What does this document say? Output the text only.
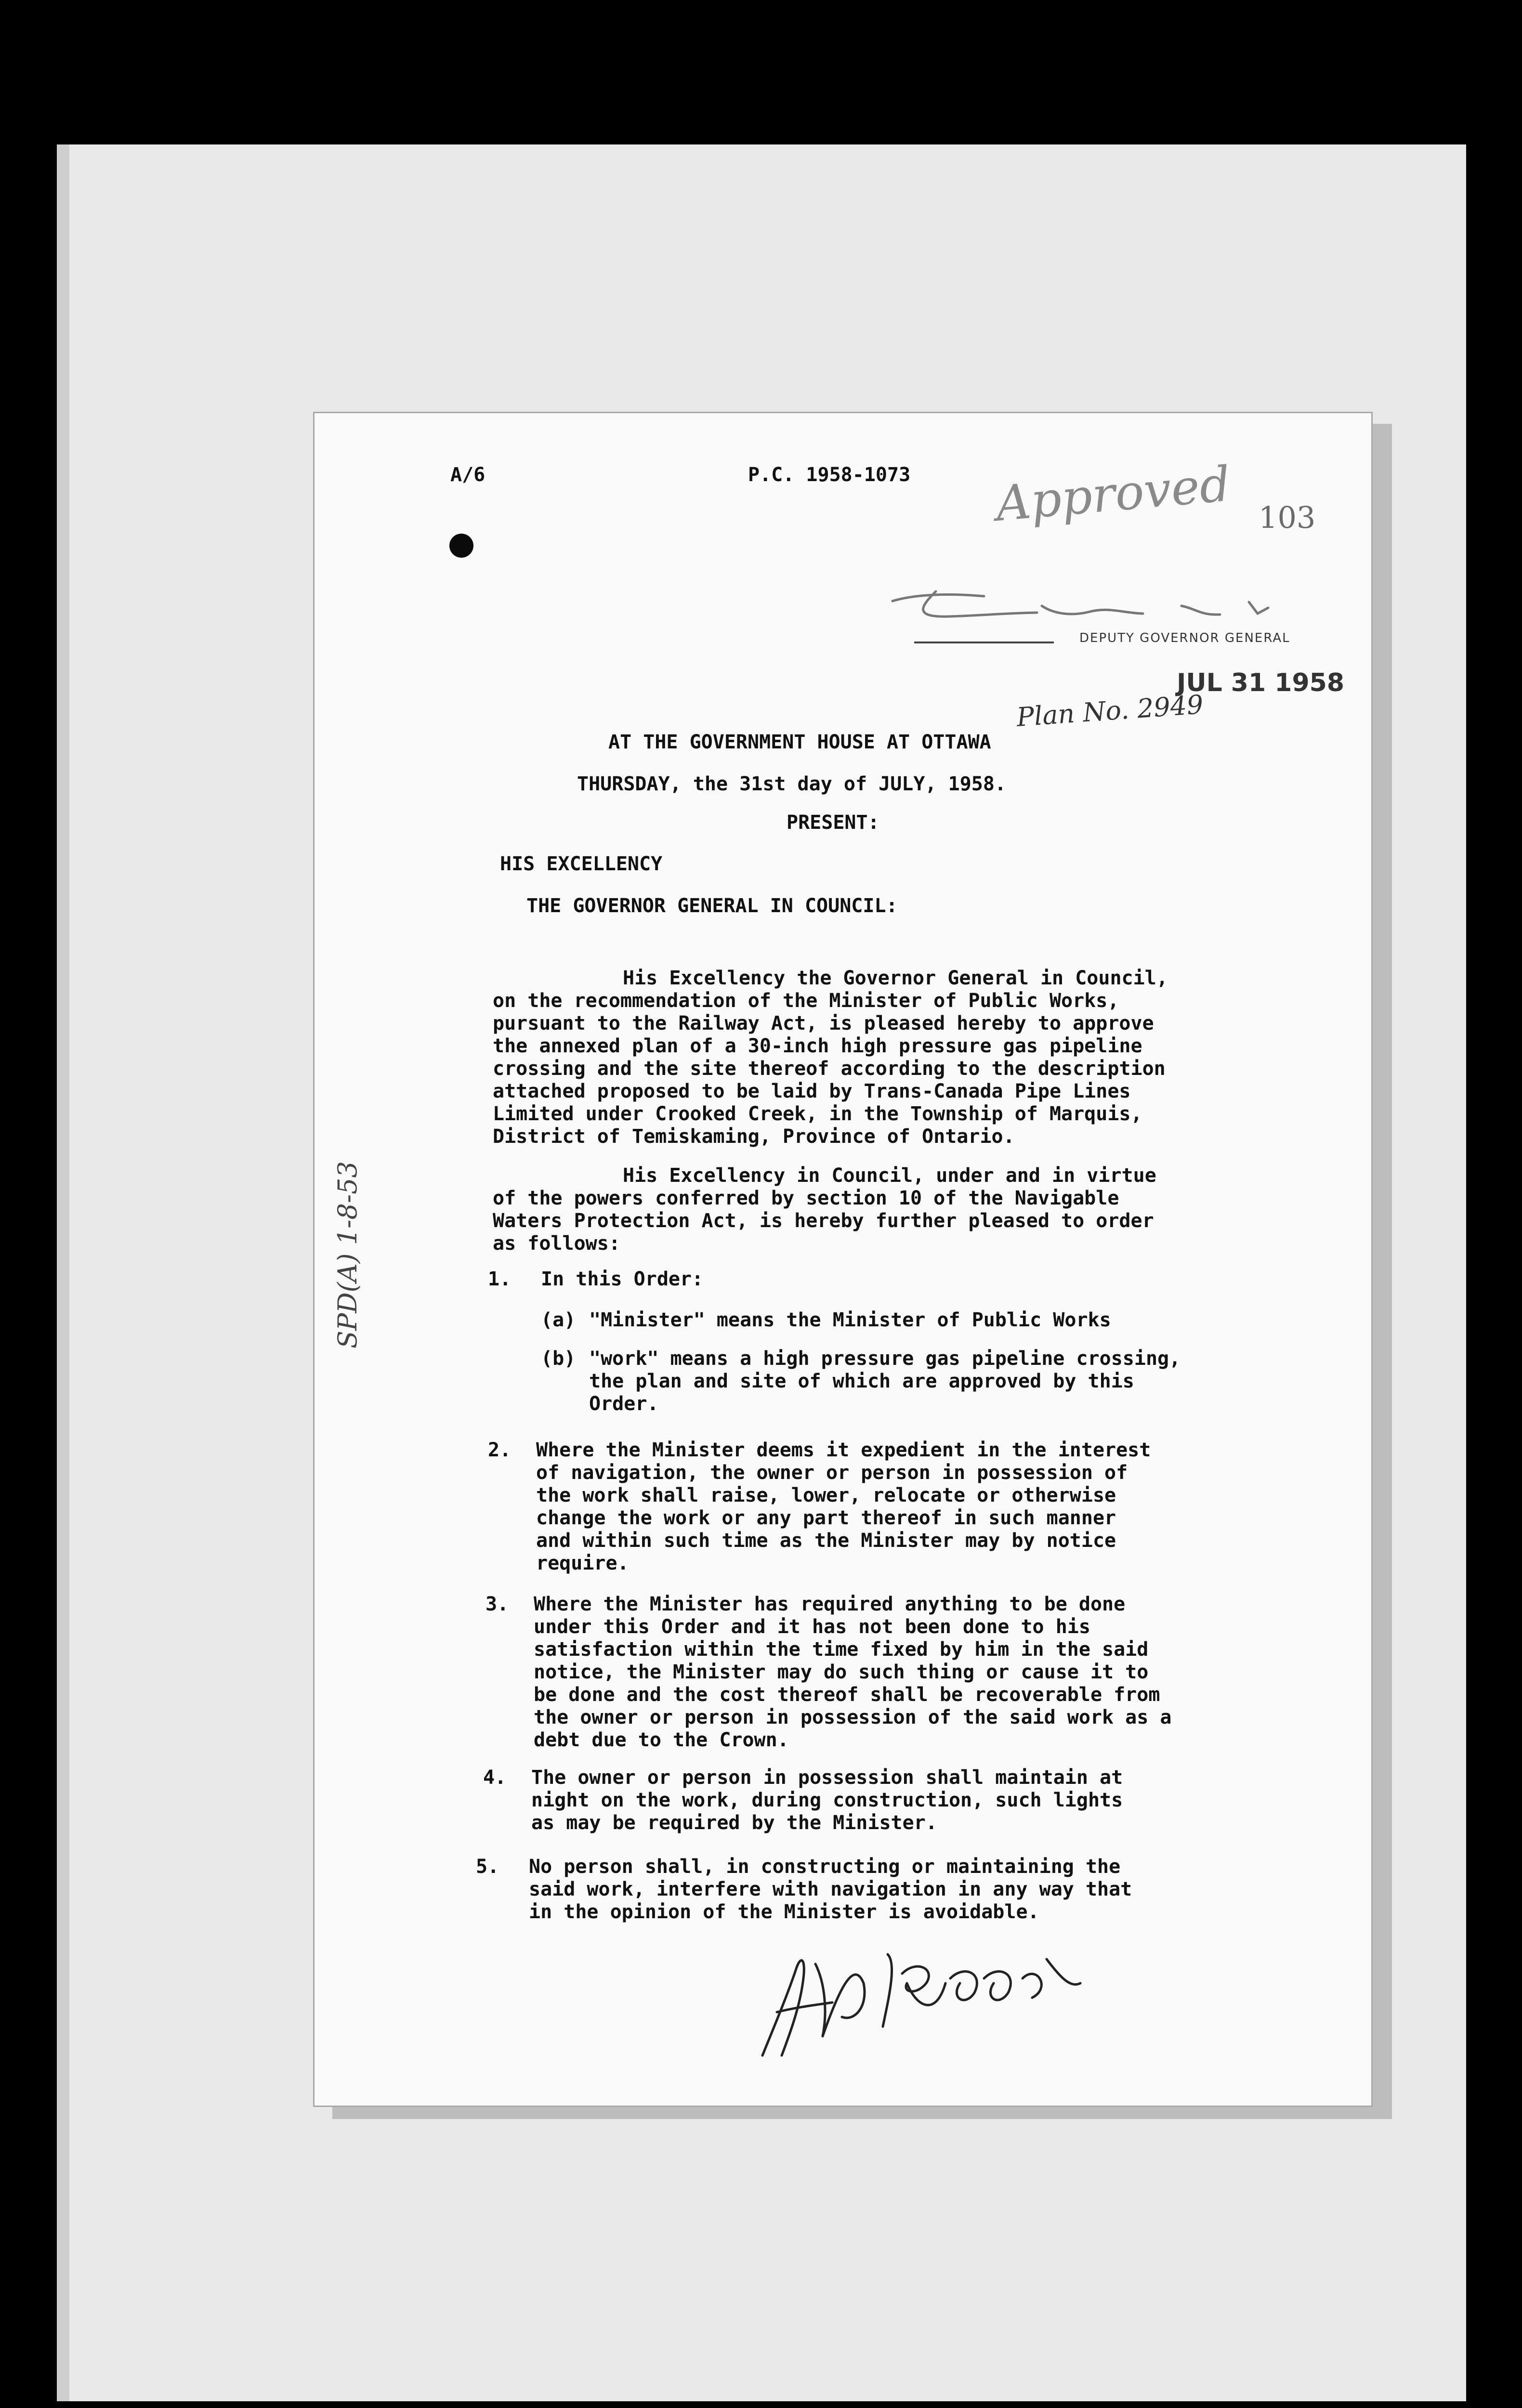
A/6	P.C. 1958-1073 Approved 103
DEPUTY GOVERNOR GENERAL
JUL 31 1958
Plan No. 2949
AT THE GOVERNMENT HOUSE AT OTTAWA
THURSDAY, the 31st day of JULY, 1958.
PRESENT:
HIS EXCELLENCY
THE GOVERNOR GENERAL IN COUNCIL:
His Excellency the Governor General in Council,
on the recommendation of the Minister of Public Works,
pursuant to the Railway Act, is pleased hereby to approve
the annexed plan of a 30-inch high pressure gas pipeline
crossing and the site thereof according to the description
attached proposed to be laid by Trans-Canada Pipe Lines
Limited under Crooked Creek, in the Township of Marquis,
District of Temiskaming, Province of Ontario.
His Excellency in Council, under and in virtue
of the powers conferred by section 10 of the Navigable
Waters Protection Act, is hereby further pleased to order
as follows:
1. In this Order:
(a) "Minister" means the Minister of Public Works
(b) "work" means a high pressure gas pipeline crossing,
the plan and site of which are approved by this
Order.
2. Where the Minister deems it expedient in the interest
of navigation, the owner or person in possession of
the work shall raise, lower, relocate or otherwise
change the work or any part thereof in such manner
and within such time as the Minister may by notice
require.
3. Where the Minister has required anything to be done
under this Order and it has not been done to his
satisfaction within the time fixed by him in the said
notice, the Minister may do such thing or cause it to
be done and the cost thereof shall be recoverable from
the owner or person in possession of the said work as a
debt due to the Crown.
4. The owner or person in possession shall maintain at
night on the work, during construction, such lights
as may be required by the Minister.
5. No person shall, in constructing or maintaining the
said work, interfere with navigation in any way that
in the opinion of the Minister is avoidable.
SPD(A) 1-8-53
